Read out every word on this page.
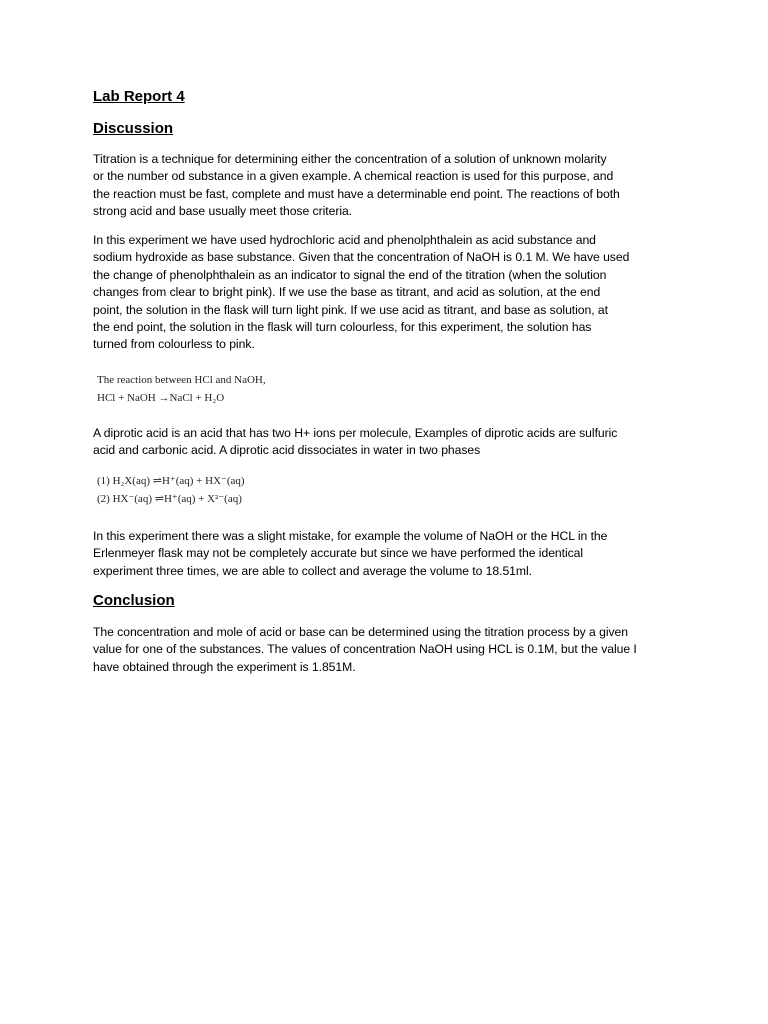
Lab Report 4
Discussion

Titration is a technique for determining either the concentration of a solution of unknown molarity
or the number od substance in a given example. A chemical reaction is used for this purpose, and
the reaction must be fast, complete and must have a determinable end point. The reactions of both
strong acid and base usually meet those criteria.

In this experiment we have used hydrochloric acid and phenolphthalein as acid substance and
sodium hydroxide as base substance. Given that the concentration of NaOH is 0.1 M. We have used
the change of phenolphthalein as an indicator to signal the end of the titration (when the solution
changes from clear to bright pink). If we use the base as titrant, and acid as solution, at the end
point, the solution in the flask will turn light pink. If we use acid as titrant, and base as solution, at
the end point, the solution in the flask will turn colourless, for this experiment, the solution has
turned from colourless to pink.

The reaction between HCl and NaOH,
HCl + NaOH →NaCl + H₂O

A diprotic acid is an acid that has two H+ ions per molecule, Examples of diprotic acids are sulfuric
acid and carbonic acid. A diprotic acid dissociates in water in two phases

(1) H₂X(aq) ⇌H⁺(aq) + HX⁻(aq)
(2) HX⁻(aq) ⇌H⁺(aq) + X²⁻(aq)

In this experiment there was a slight mistake, for example the volume of NaOH or the HCL in the
Erlenmeyer flask may not be completely accurate but since we have performed the identical
experiment three times, we are able to collect and average the volume to 18.51ml.

Conclusion

The concentration and mole of acid or base can be determined using the titration process by a given
value for one of the substances. The values of concentration NaOH using HCL is 0.1M, but the value I
have obtained through the experiment is 1.851M.
